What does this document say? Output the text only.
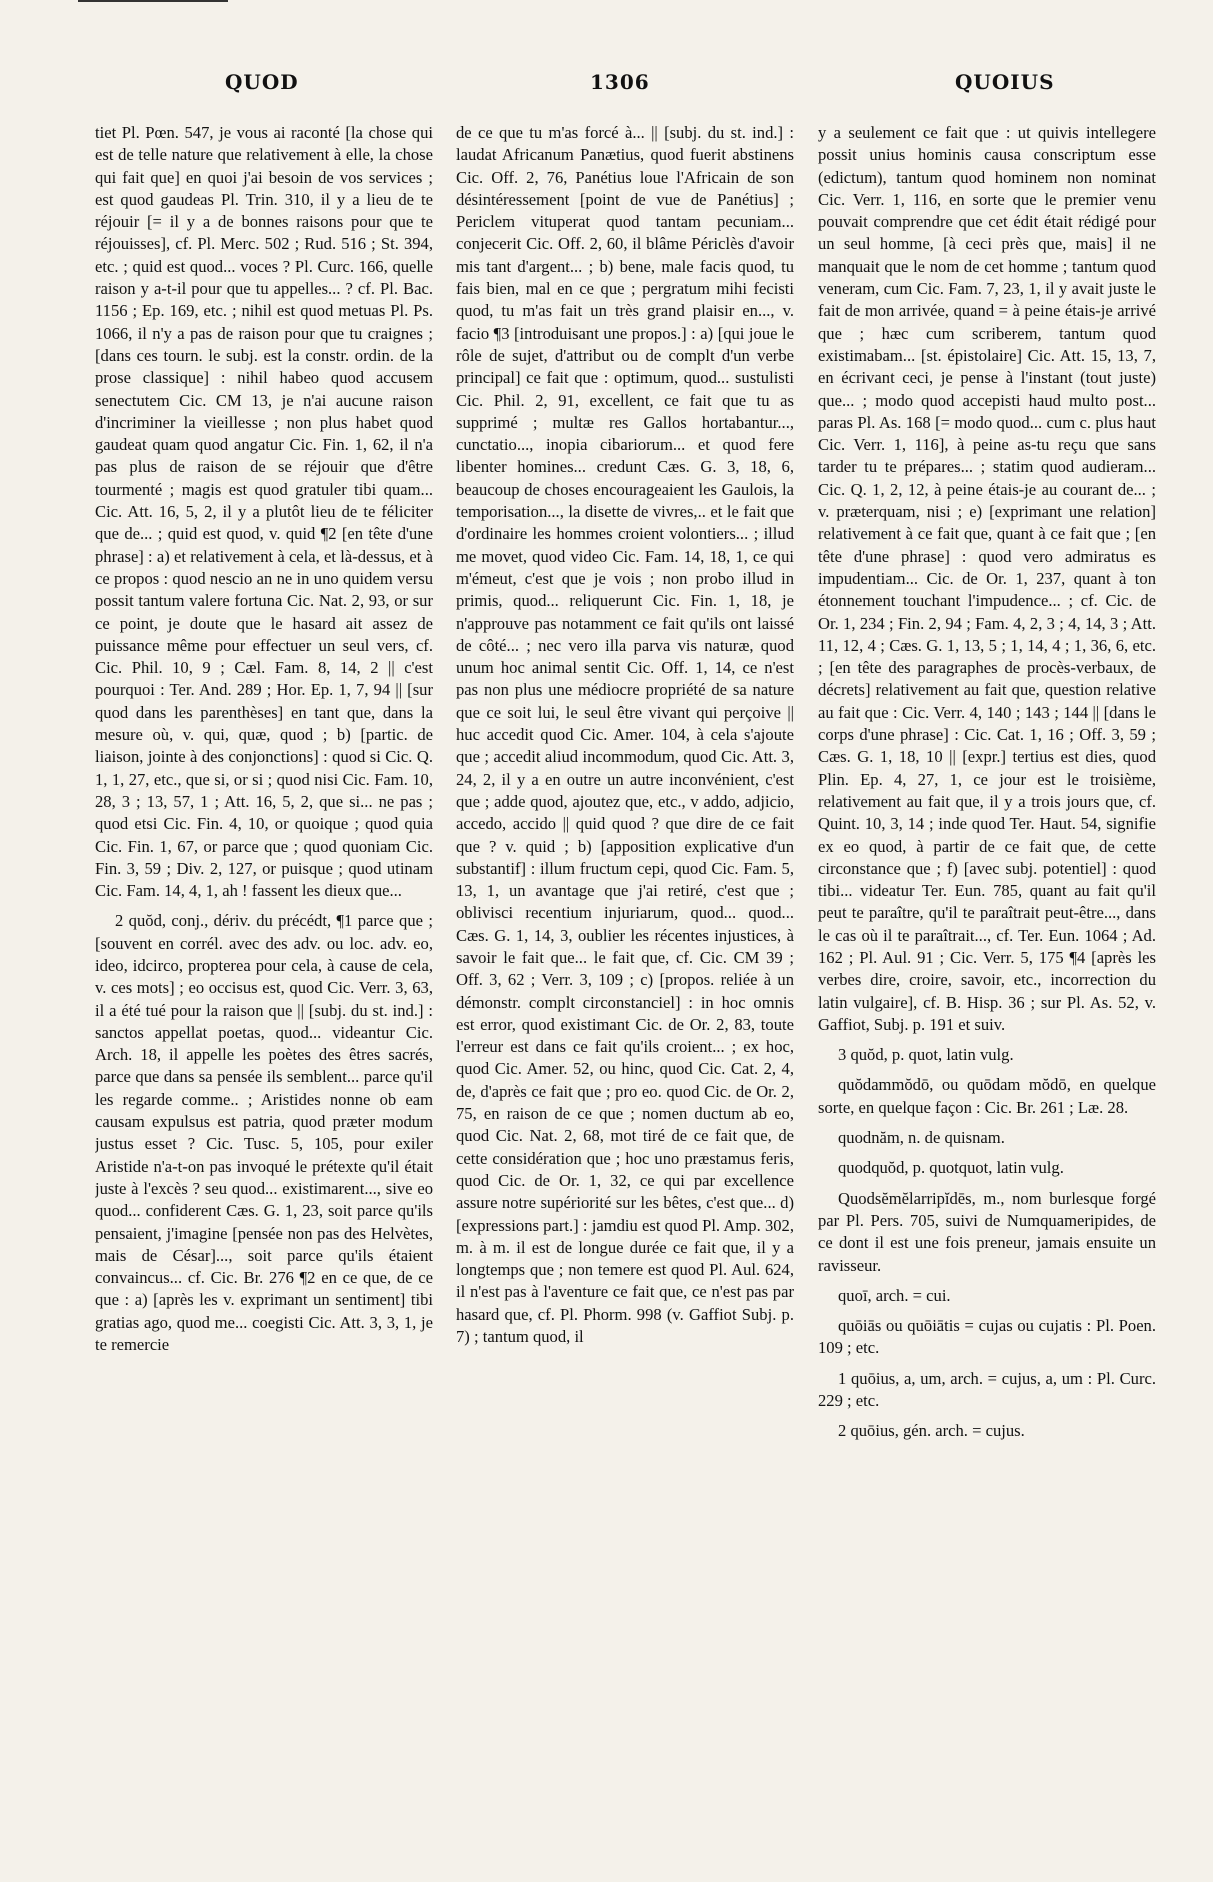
QUOD	1306	QUOIUS

tiet Pl. Pœn. 547, je vous ai raconté [la chose qui est de telle nature que relativement à elle, la chose qui fait que] en quoi j'ai besoin de vos services ; est quod gaudeas Pl. Trin. 310, il y a lieu de te réjouir [= il y a de bonnes raisons pour que te réjouisses], cf. Pl. Merc. 502 ; Rud. 516 ; St. 394, etc. ; quid est quod... voces ? Pl. Curc. 166, quelle raison y a-t-il pour que tu appelles... ? cf. Pl. Bac. 1156 ; Ep. 169, etc. ; nihil est quod metuas Pl. Ps. 1066, il n'y a pas de raison pour que tu craignes ; [dans ces tourn. le subj. est la constr. ordin. de la prose classique] : nihil habeo quod accusem senectutem Cic. CM 13, je n'ai aucune raison d'incriminer la vieillesse ; non plus habet quod gaudeat quam quod angatur Cic. Fin. 1, 62, il n'a pas plus de raison de se réjouir que d'être tourmenté ; magis est quod gratuler tibi quam... Cic. Att. 16, 5, 2, il y a plutôt lieu de te féliciter que de... ; quid est quod, v. quid ¶2 [en tête d'une phrase] : a) et relativement à cela, et là-dessus, et à ce propos : quod nescio an ne in uno quidem versu possit tantum valere fortuna Cic. Nat. 2, 93, or sur ce point, je doute que le hasard ait assez de puissance même pour effectuer un seul vers, cf. Cic. Phil. 10, 9 ; Cæl. Fam. 8, 14, 2 || c'est pourquoi : Ter. And. 289 ; Hor. Ep. 1, 7, 94 || [sur quod dans les parenthèses] en tant que, dans la mesure où, v. qui, quæ, quod ; b) [partic. de liaison, jointe à des conjonctions] : quod si Cic. Q. 1, 1, 27, etc., que si, or si ; quod nisi Cic. Fam. 10, 28, 3 ; 13, 57, 1 ; Att. 16, 5, 2, que si... ne pas ; quod etsi Cic. Fin. 4, 10, or quoique ; quod quia Cic. Fin. 1, 67, or parce que ; quod quoniam Cic. Fin. 3, 59 ; Div. 2, 127, or puisque ; quod utinam Cic. Fam. 14, 4, 1, ah ! fassent les dieux que...

2 quŏd, conj., dériv. du précédt, ¶1 parce que ; [souvent en corrél. avec des adv. ou loc. adv. eo, ideo, idcirco, propterea pour cela, à cause de cela, v. ces mots] ; eo occisus est, quod Cic. Verr. 3, 63, il a été tué pour la raison que || [subj. du st. ind.] : sanctos appellat poetas, quod... videantur Cic. Arch. 18, il appelle les poètes des êtres sacrés, parce que dans sa pensée ils semblent... parce qu'il les regarde comme.. ; Aristides nonne ob eam causam expulsus est patria, quod præter modum justus esset ? Cic. Tusc. 5, 105, pour exiler Aristide n'a-t-on pas invoqué le prétexte qu'il était juste à l'excès ? seu quod... existimarent..., sive eo quod... confiderent Cæs. G. 1, 23, soit parce qu'ils pensaient, j'imagine [pensée non pas des Helvètes, mais de César]..., soit parce qu'ils étaient convaincus... cf. Cic. Br. 276 ¶2 en ce que, de ce que : a) [après les v. exprimant un sentiment] tibi gratias ago, quod me... coegisti Cic. Att. 3, 3, 1, je te remercie

de ce que tu m'as forcé à... || [subj. du st. ind.] : laudat Africanum Panætius, quod fuerit abstinens Cic. Off. 2, 76, Panétius loue l'Africain de son désintéressement [point de vue de Panétius] ; Periclem vituperat quod tantam pecuniam... conjecerit Cic. Off. 2, 60, il blâme Périclès d'avoir mis tant d'argent... ; b) bene, male facis quod, tu fais bien, mal en ce que ; pergratum mihi fecisti quod, tu m'as fait un très grand plaisir en..., v. facio ¶3 [introduisant une propos.] : a) [qui joue le rôle de sujet, d'attribut ou de complt d'un verbe principal] ce fait que : optimum, quod... sustulisti Cic. Phil. 2, 91, excellent, ce fait que tu as supprimé ; multæ res Gallos hortabantur..., cunctatio..., inopia cibariorum... et quod fere libenter homines... credunt Cæs. G. 3, 18, 6, beaucoup de choses encourageaient les Gaulois, la temporisation..., la disette de vivres,.. et le fait que d'ordinaire les hommes croient volontiers... ; illud me movet, quod video Cic. Fam. 14, 18, 1, ce qui m'émeut, c'est que je vois ; non probo illud in primis, quod... reliquerunt Cic. Fin. 1, 18, je n'approuve pas notamment ce fait qu'ils ont laissé de côté... ; nec vero illa parva vis naturæ, quod unum hoc animal sentit Cic. Off. 1, 14, ce n'est pas non plus une médiocre propriété de sa nature que ce soit lui, le seul être vivant qui perçoive || huc accedit quod Cic. Amer. 104, à cela s'ajoute que ; accedit aliud incommodum, quod Cic. Att. 3, 24, 2, il y a en outre un autre inconvénient, c'est que ; adde quod, ajoutez que, etc., v addo, adjicio, accedo, accido || quid quod ? que dire de ce fait que ? v. quid ; b) [apposition explicative d'un substantif] : illum fructum cepi, quod Cic. Fam. 5, 13, 1, un avantage que j'ai retiré, c'est que ; oblivisci recentium injuriarum, quod... quod... Cæs. G. 1, 14, 3, oublier les récentes injustices, à savoir le fait que... le fait que, cf. Cic. CM 39 ; Off. 3, 62 ; Verr. 3, 109 ; c) [propos. reliée à un démonstr. complt circonstanciel] : in hoc omnis est error, quod existimant Cic. de Or. 2, 83, toute l'erreur est dans ce fait qu'ils croient... ; ex hoc, quod Cic. Amer. 52, ou hinc, quod Cic. Cat. 2, 4, de, d'après ce fait que ; pro eo. quod Cic. de Or. 2, 75, en raison de ce que ; nomen ductum ab eo, quod Cic. Nat. 2, 68, mot tiré de ce fait que, de cette considération que ; hoc uno præstamus feris, quod Cic. de Or. 1, 32, ce qui par excellence assure notre supériorité sur les bêtes, c'est que... d) [expressions part.] : jamdiu est quod Pl. Amp. 302, m. à m. il est de longue durée ce fait que, il y a longtemps que ; non temere est quod Pl. Aul. 624, il n'est pas à l'aventure ce fait que, ce n'est pas par hasard que, cf. Pl. Phorm. 998 (v. Gaffiot Subj. p. 7) ; tantum quod, il

y a seulement ce fait que : ut quivis intellegere possit unius hominis causa conscriptum esse (edictum), tantum quod hominem non nominat Cic. Verr. 1, 116, en sorte que le premier venu pouvait comprendre que cet édit était rédigé pour un seul homme, [à ceci près que, mais] il ne manquait que le nom de cet homme ; tantum quod veneram, cum Cic. Fam. 7, 23, 1, il y avait juste le fait de mon arrivée, quand = à peine étais-je arrivé que ; hæc cum scriberem, tantum quod existimabam... [st. épistolaire] Cic. Att. 15, 13, 7, en écrivant ceci, je pense à l'instant (tout juste) que... ; modo quod accepisti haud multo post... paras Pl. As. 168 [= modo quod... cum c. plus haut Cic. Verr. 1, 116], à peine as-tu reçu que sans tarder tu te prépares... ; statim quod audieram... Cic. Q. 1, 2, 12, à peine étais-je au courant de... ; v. præterquam, nisi ; e) [exprimant une relation] relativement à ce fait que, quant à ce fait que ; [en tête d'une phrase] : quod vero admiratus es impudentiam... Cic. de Or. 1, 237, quant à ton étonnement touchant l'impudence... ; cf. Cic. de Or. 1, 234 ; Fin. 2, 94 ; Fam. 4, 2, 3 ; 4, 14, 3 ; Att. 11, 12, 4 ; Cæs. G. 1, 13, 5 ; 1, 14, 4 ; 1, 36, 6, etc. ; [en tête des paragraphes de procès-verbaux, de décrets] relativement au fait que, question relative au fait que : Cic. Verr. 4, 140 ; 143 ; 144 || [dans le corps d'une phrase] : Cic. Cat. 1, 16 ; Off. 3, 59 ; Cæs. G. 1, 18, 10 || [expr.] tertius est dies, quod Plin. Ep. 4, 27, 1, ce jour est le troisième, relativement au fait que, il y a trois jours que, cf. Quint. 10, 3, 14 ; inde quod Ter. Haut. 54, signifie ex eo quod, à partir de ce fait que, de cette circonstance que ; f) [avec subj. potentiel] : quod tibi... videatur Ter. Eun. 785, quant au fait qu'il peut te paraître, qu'il te paraîtrait peut-être..., dans le cas où il te paraîtrait..., cf. Ter. Eun. 1064 ; Ad. 162 ; Pl. Aul. 91 ; Cic. Verr. 5, 175 ¶4 [après les verbes dire, croire, savoir, etc., incorrection du latin vulgaire], cf. B. Hisp. 36 ; sur Pl. As. 52, v. Gaffiot, Subj. p. 191 et suiv.

3 quŏd, p. quot, latin vulg.

quŏdammŏdō, ou quōdam mŏdō, en quelque sorte, en quelque façon : Cic. Br. 261 ; Læ. 28.

quodnăm, n. de quisnam.

quodquŏd, p. quotquot, latin vulg.

Quodsĕmĕlarripĭdēs, m., nom burlesque forgé par Pl. Pers. 705, suivi de Numquameripides, de ce dont il est une fois preneur, jamais ensuite un ravisseur.

quoī, arch. = cui.

quōiās ou quōiātis = cujas ou cujatis : Pl. Poen. 109 ; etc.

1 quōius, a, um, arch. = cujus, a, um : Pl. Curc. 229 ; etc.

2 quōius, gén. arch. = cujus.
